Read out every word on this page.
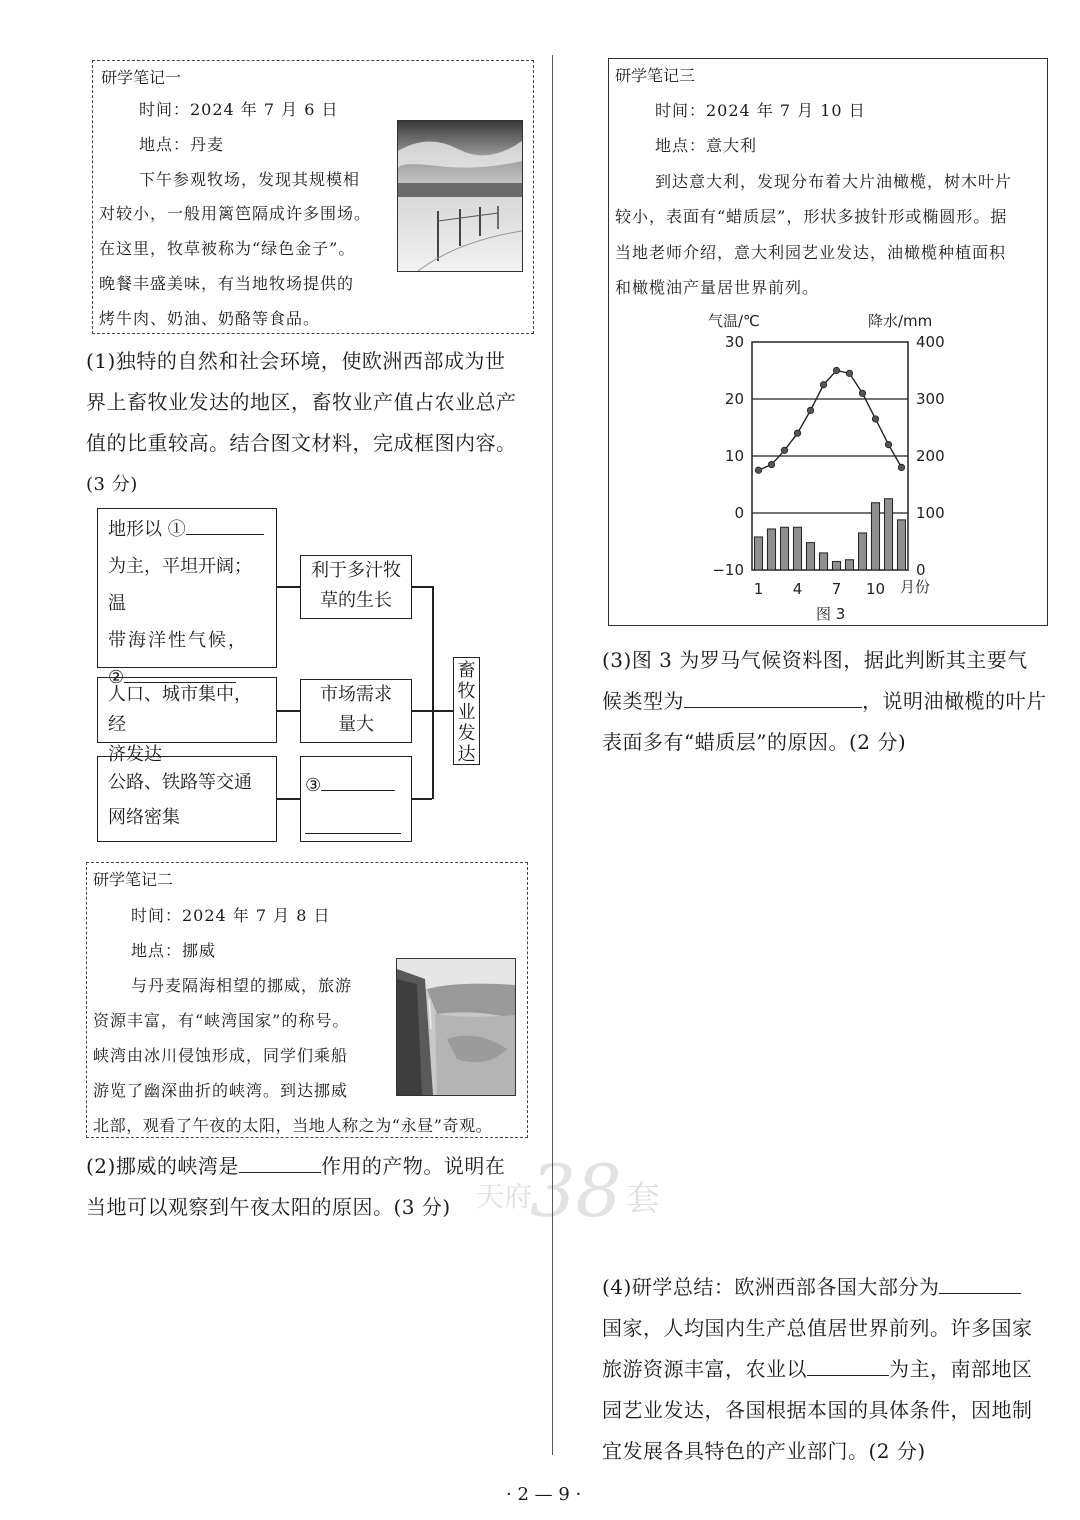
研学笔记一
时间：2024 年 7 月 6 日
地点：丹麦
下午参观牧场，发现其规模相
对较小，一般用篱笆隔成许多围场。
在这里，牧草被称为“绿色金子”。
晚餐丰盛美味，有当地牧场提供的
烤牛肉、奶油、奶酪等食品。
(1)独特的自然和社会环境，使欧洲西部成为世
界上畜牧业发达的地区，畜牧业产值占农业总产
值的比重较高。结合图文材料，完成框图内容。
(3 分)
地形以 ①
为主，平坦开阔；温
带海洋性气候，
②
人口、城市集中，经
济发达
公路、铁路等交通
网络密集
利于多汁牧
草的生长
市场需求
量大
③
畜牧业发达
研学笔记二
时间：2024 年 7 月 8 日
地点：挪威
与丹麦隔海相望的挪威，旅游
资源丰富，有“峡湾国家”的称号。
峡湾由冰川侵蚀形成，同学们乘船
游览了幽深曲折的峡湾。到达挪威
北部，观看了午夜的太阳，当地人称之为“永昼”奇观。
(2)挪威的峡湾是	作用的产物。说明在
当地可以观察到午夜太阳的原因。(3 分) 天府
38 套
研学笔记三
时间：2024 年 7 月 10 日
地点：意大利
到达意大利，发现分布着大片油橄榄，树木叶片
较小，表面有“蜡质层”，形状多披针形或椭圆形。据
当地老师介绍，意大利园艺业发达，油橄榄种植面积
和橄榄油产量居世界前列。
气温/℃	降水/mm
30
20
10
0
−10
400
300
200
100
0
1 4 7 10 月份
图 3
(3)图 3 为罗马气候资料图，据此判断其主要气
候类型为	，说明油橄榄的叶片
表面多有“蜡质层”的原因。(2 分)
(4)研学总结：欧洲西部各国大部分为
国家，人均国内生产总值居世界前列。许多国家
旅游资源丰富，农业以	为主，南部地区
园艺业发达，各国根据本国的具体条件，因地制
宜发展各具特色的产业部门。(2 分)
· 2 — 9 ·
